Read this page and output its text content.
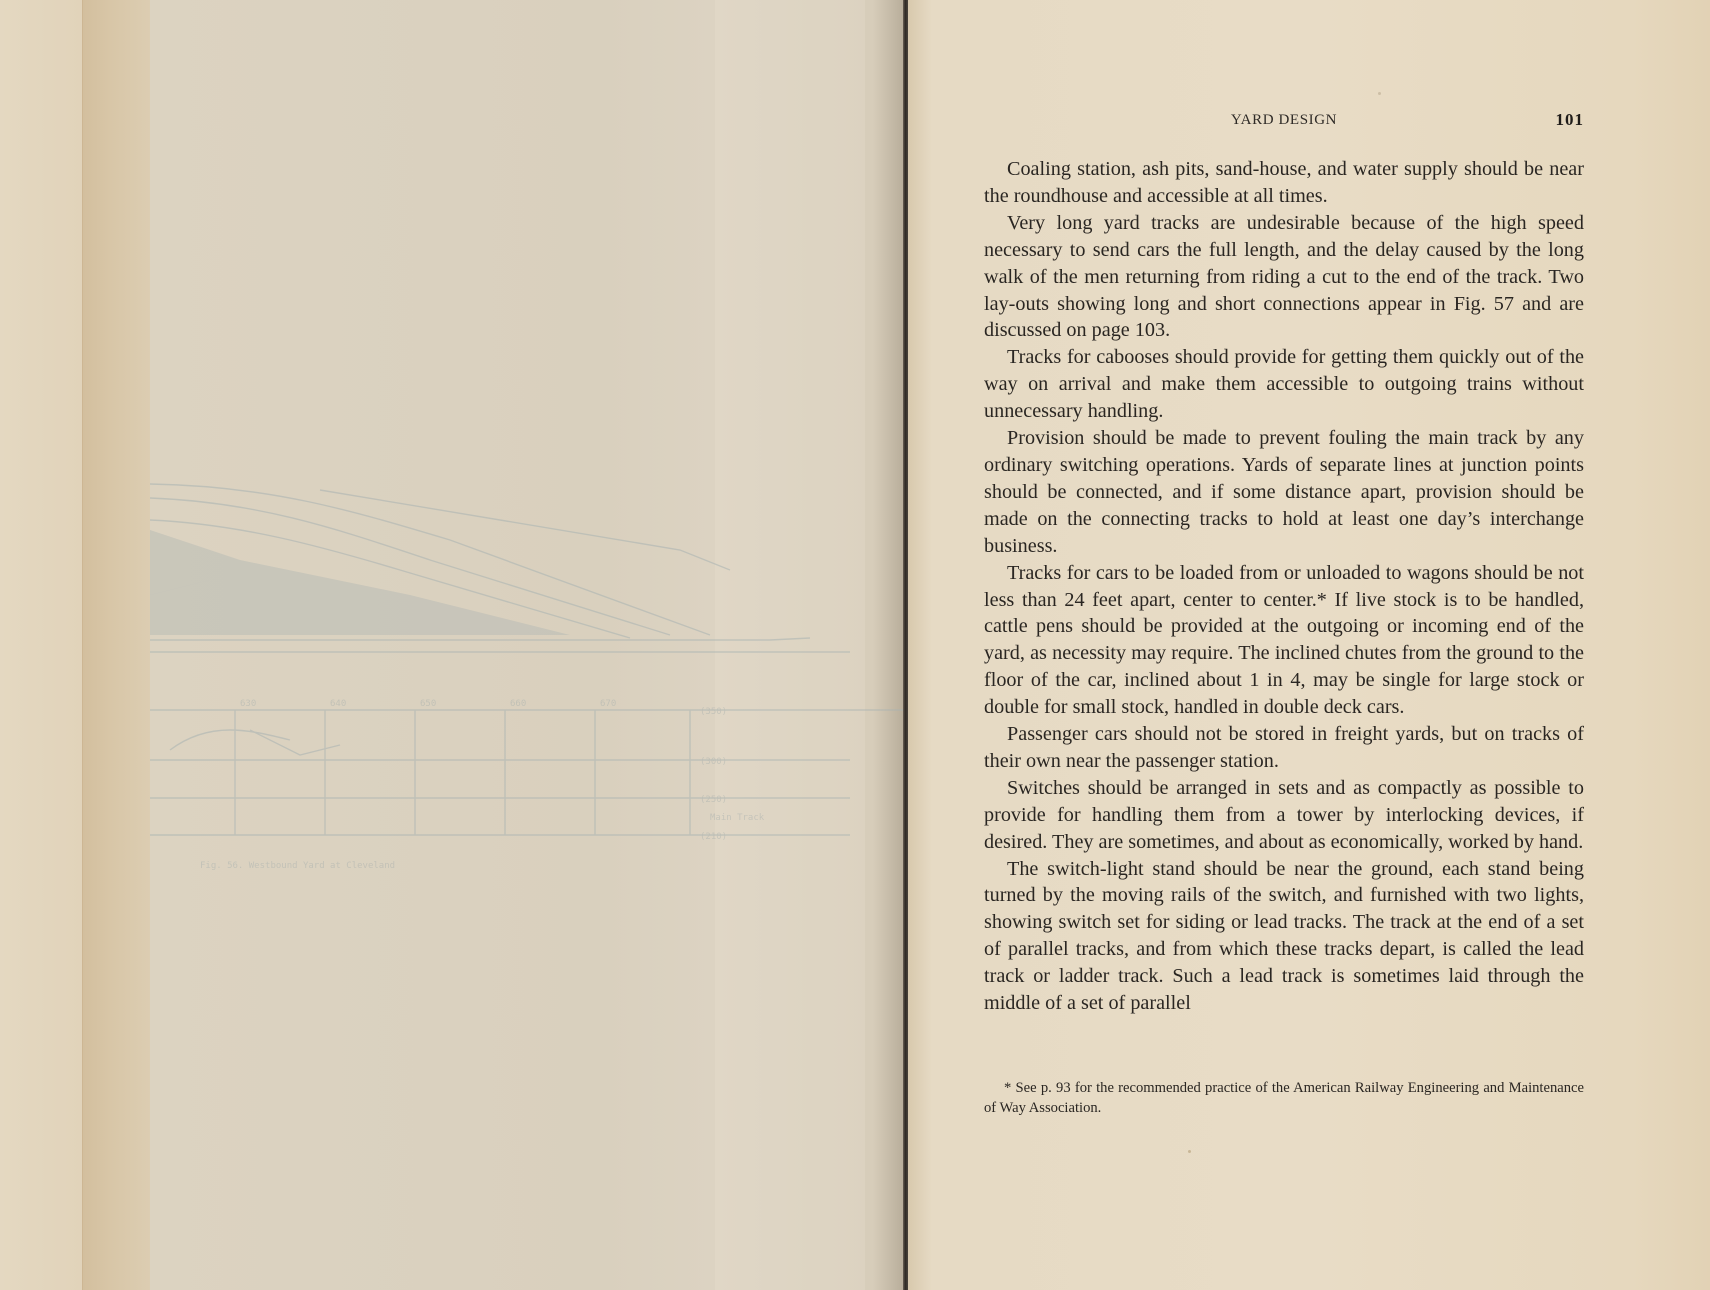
(350)
(300)
(250)
(210)
Main Track
630	640	650	660	670
Fig. 56. Westbound Yard at Cleveland
YARD DESIGN	101

Coaling station, ash pits, sand-house, and water supply should be near the roundhouse and accessible at all times.

Very long yard tracks are undesirable because of the high speed necessary to send cars the full length, and the delay caused by the long walk of the men returning from riding a cut to the end of the track. Two lay-outs showing long and short connections appear in Fig. 57 and are discussed on page 103.

Tracks for cabooses should provide for getting them quickly out of the way on arrival and make them accessible to outgoing trains without unnecessary handling.

Provision should be made to prevent fouling the main track by any ordinary switching operations. Yards of separate lines at junction points should be connected, and if some distance apart, provision should be made on the connecting tracks to hold at least one day’s interchange business.

Tracks for cars to be loaded from or unloaded to wagons should be not less than 24 feet apart, center to center.* If live stock is to be handled, cattle pens should be provided at the outgoing or incoming end of the yard, as necessity may require. The inclined chutes from the ground to the floor of the car, inclined about 1 in 4, may be single for large stock or double for small stock, handled in double deck cars.

Passenger cars should not be stored in freight yards, but on tracks of their own near the passenger station.

Switches should be arranged in sets and as compactly as possible to provide for handling them from a tower by interlocking devices, if desired. They are sometimes, and about as economically, worked by hand.

The switch-light stand should be near the ground, each stand being turned by the moving rails of the switch, and furnished with two lights, showing switch set for siding or lead tracks. The track at the end of a set of parallel tracks, and from which these tracks depart, is called the lead track or ladder track. Such a lead track is sometimes laid through the middle of a set of parallel

* See p. 93 for the recommended practice of the American Railway Engineering and Maintenance of Way Association.
